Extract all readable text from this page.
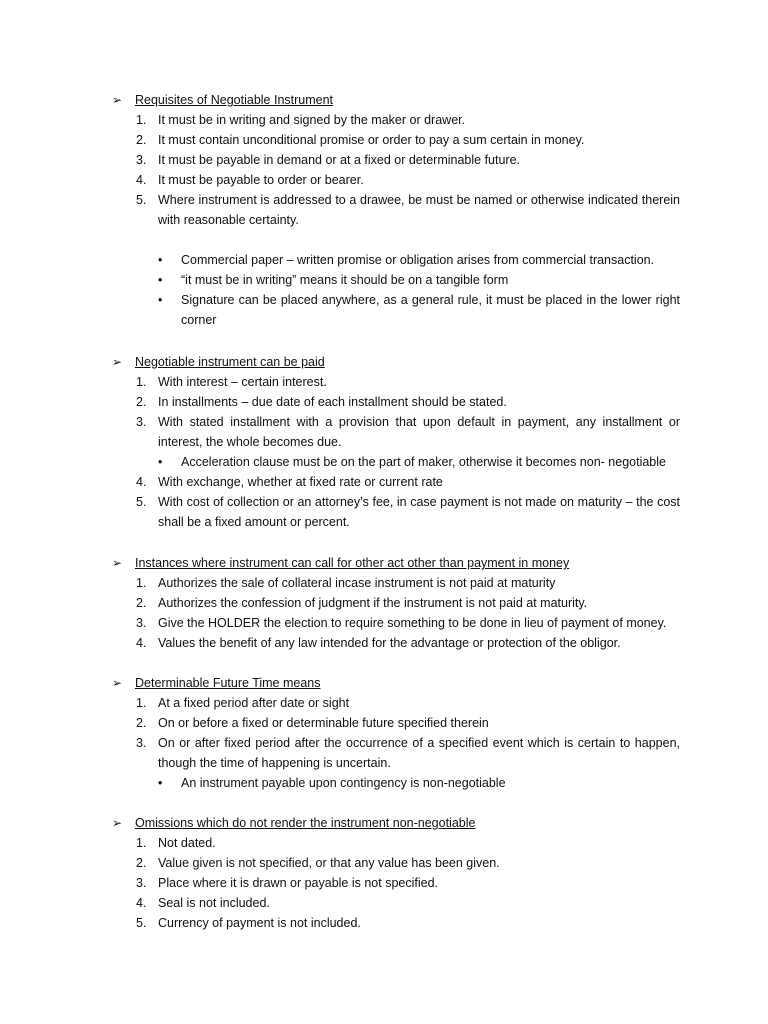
➢ Requisites of Negotiable Instrument
1. It must be in writing and signed by the maker or drawer.
2. It must contain unconditional promise or order to pay a sum certain in money.
3. It must be payable in demand or at a fixed or determinable future.
4. It must be payable to order or bearer.
5. Where instrument is addressed to a drawee, be must be named or otherwise indicated therein with reasonable certainty.
• Commercial paper – written promise or obligation arises from commercial transaction.
• “it must be in writing” means it should be on a tangible form
• Signature can be placed anywhere, as a general rule, it must be placed in the lower right corner
➢ Negotiable instrument can be paid
1. With interest – certain interest.
2. In installments – due date of each installment should be stated.
3. With stated installment with a provision that upon default in payment, any installment or interest, the whole becomes due.
• Acceleration clause must be on the part of maker, otherwise it becomes non- negotiable
4. With exchange, whether at fixed rate or current rate
5. With cost of collection or an attorney’s fee, in case payment is not made on maturity – the cost shall be a fixed amount or percent.
➢ Instances where instrument can call for other act other than payment in money
1. Authorizes the sale of collateral incase instrument is not paid at maturity
2. Authorizes the confession of judgment if the instrument is not paid at maturity.
3. Give the HOLDER the election to require something to be done in lieu of payment of money.
4. Values the benefit of any law intended for the advantage or protection of the obligor.
➢ Determinable Future Time means
1. At a fixed period after date or sight
2. On or before a fixed or determinable future specified therein
3. On or after fixed period after the occurrence of a specified event which is certain to happen, though the time of happening is uncertain.
• An instrument payable upon contingency is non-negotiable
➢ Omissions which do not render the instrument non-negotiable
1. Not dated.
2. Value given is not specified, or that any value has been given.
3. Place where it is drawn or payable is not specified.
4. Seal is not included.
5. Currency of payment is not included.
